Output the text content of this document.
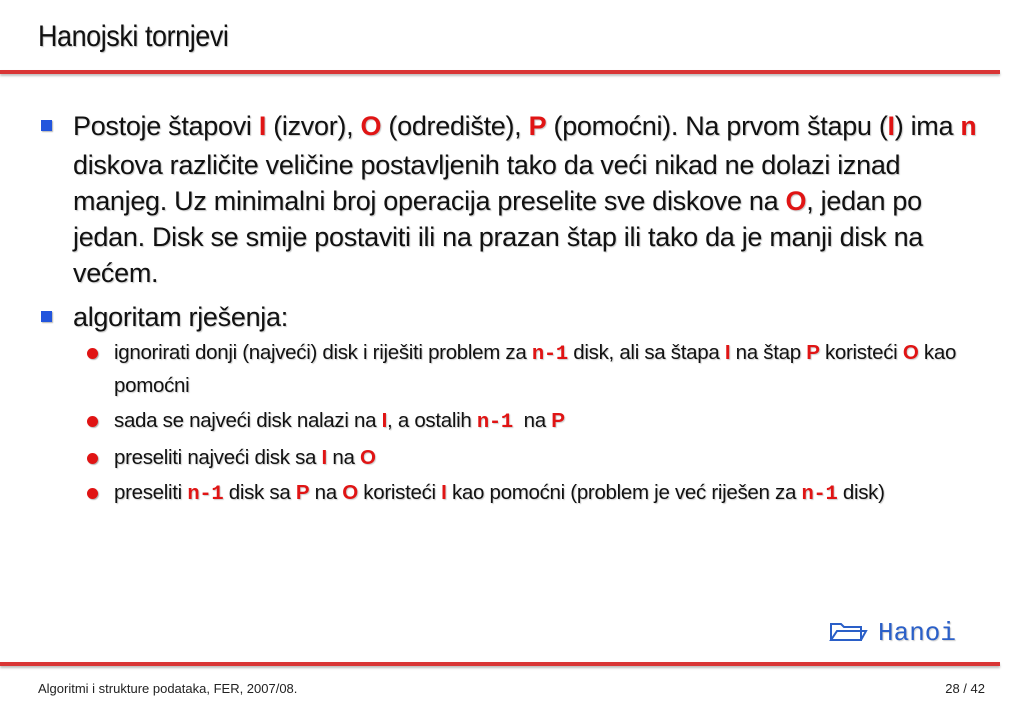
Hanojski tornjevi
Postoje štapovi I (izvor), O (odredište), P (pomoćni). Na prvom štapu (I) ima n diskova različite veličine postavljenih tako da veći nikad ne dolazi iznad manjeg. Uz minimalni broj operacija preselite sve diskove na O, jedan po jedan. Disk se smije postaviti ili na prazan štap ili tako da je manji disk na većem.
algoritam rješenja:
ignorirati donji (najveći) disk i riješiti problem za n-1 disk, ali sa štapa I na štap P koristeći O kao pomoćni
sada se najveći disk nalazi na I, a ostalih n-1  na P
preseliti najveći disk sa I na O
preseliti n-1 disk sa P na O koristeći I kao pomoćni (problem je već riješen za n-1 disk)
Hanoi
Algoritmi i strukture podataka, FER, 2007/08.	28 / 42
